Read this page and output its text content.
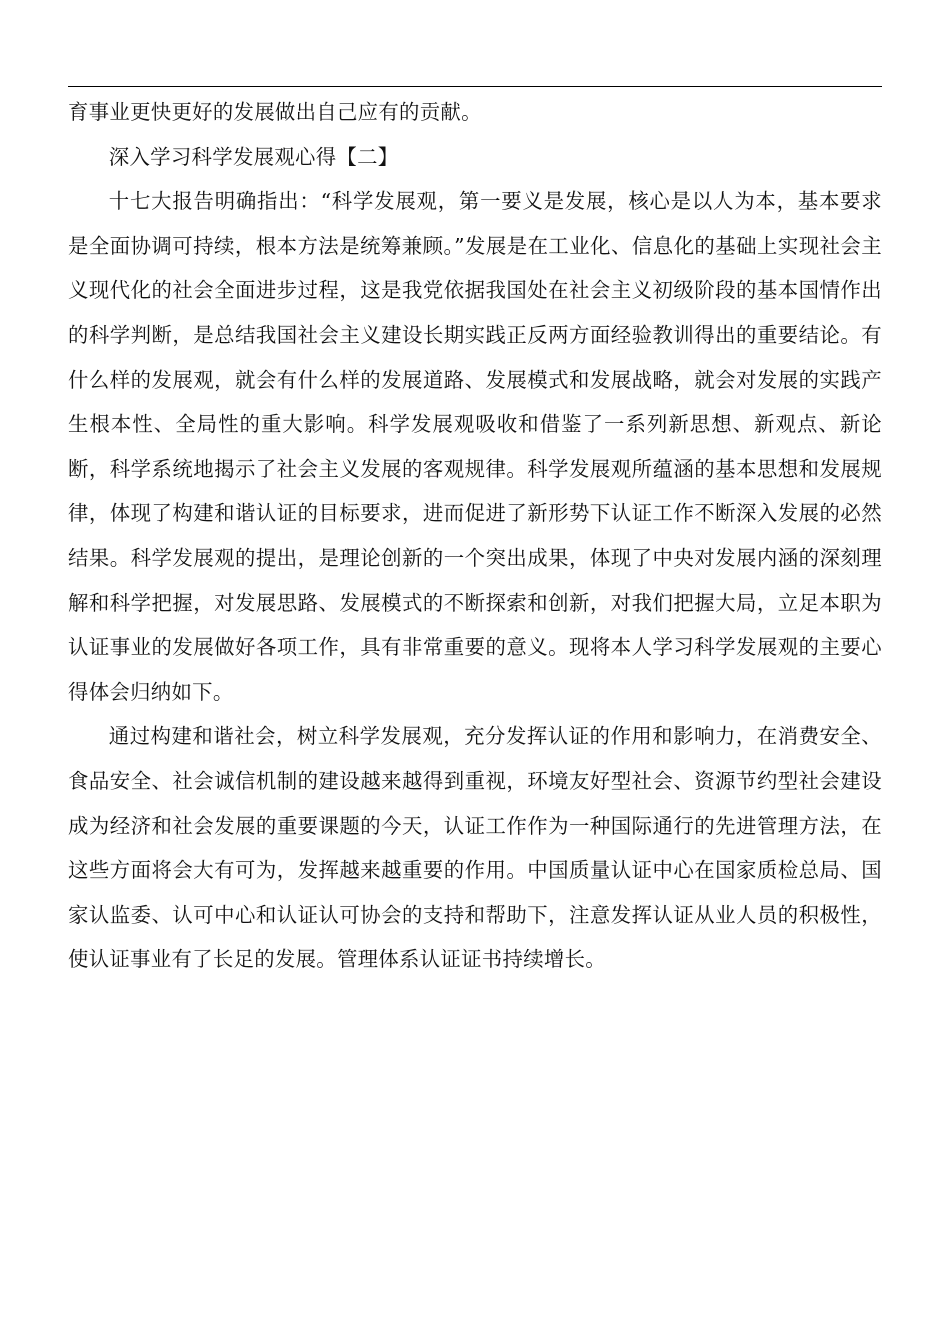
育事业更快更好的发展做出自己应有的贡献。

深入学习科学发展观心得【二】

十七大报告明确指出：“科学发展观，第一要义是发展，核心是以人为本，基本要求是全面协调可持续，根本方法是统筹兼顾。”发展是在工业化、信息化的基础上实现社会主义现代化的社会全面进步过程，这是我党依据我国处在社会主义初级阶段的基本国情作出的科学判断，是总结我国社会主义建设长期实践正反两方面经验教训得出的重要结论。有什么样的发展观，就会有什么样的发展道路、发展模式和发展战略，就会对发展的实践产生根本性、全局性的重大影响。科学发展观吸收和借鉴了一系列新思想、新观点、新论断，科学系统地揭示了社会主义发展的客观规律。科学发展观所蕴涵的基本思想和发展规律，体现了构建和谐认证的目标要求，进而促进了新形势下认证工作不断深入发展的必然结果。科学发展观的提出，是理论创新的一个突出成果，体现了中央对发展内涵的深刻理解和科学把握，对发展思路、发展模式的不断探索和创新，对我们把握大局，立足本职为认证事业的发展做好各项工作，具有非常重要的意义。现将本人学习科学发展观的主要心得体会归纳如下。

通过构建和谐社会，树立科学发展观，充分发挥认证的作用和影响力，在消费安全、食品安全、社会诚信机制的建设越来越得到重视，环境友好型社会、资源节约型社会建设成为经济和社会发展的重要课题的今天，认证工作作为一种国际通行的先进管理方法，在这些方面将会大有可为，发挥越来越重要的作用。中国质量认证中心在国家质检总局、国家认监委、认可中心和认证认可协会的支持和帮助下，注意发挥认证从业人员的积极性，使认证事业有了长足的发展。管理体系认证证书持续增长。
